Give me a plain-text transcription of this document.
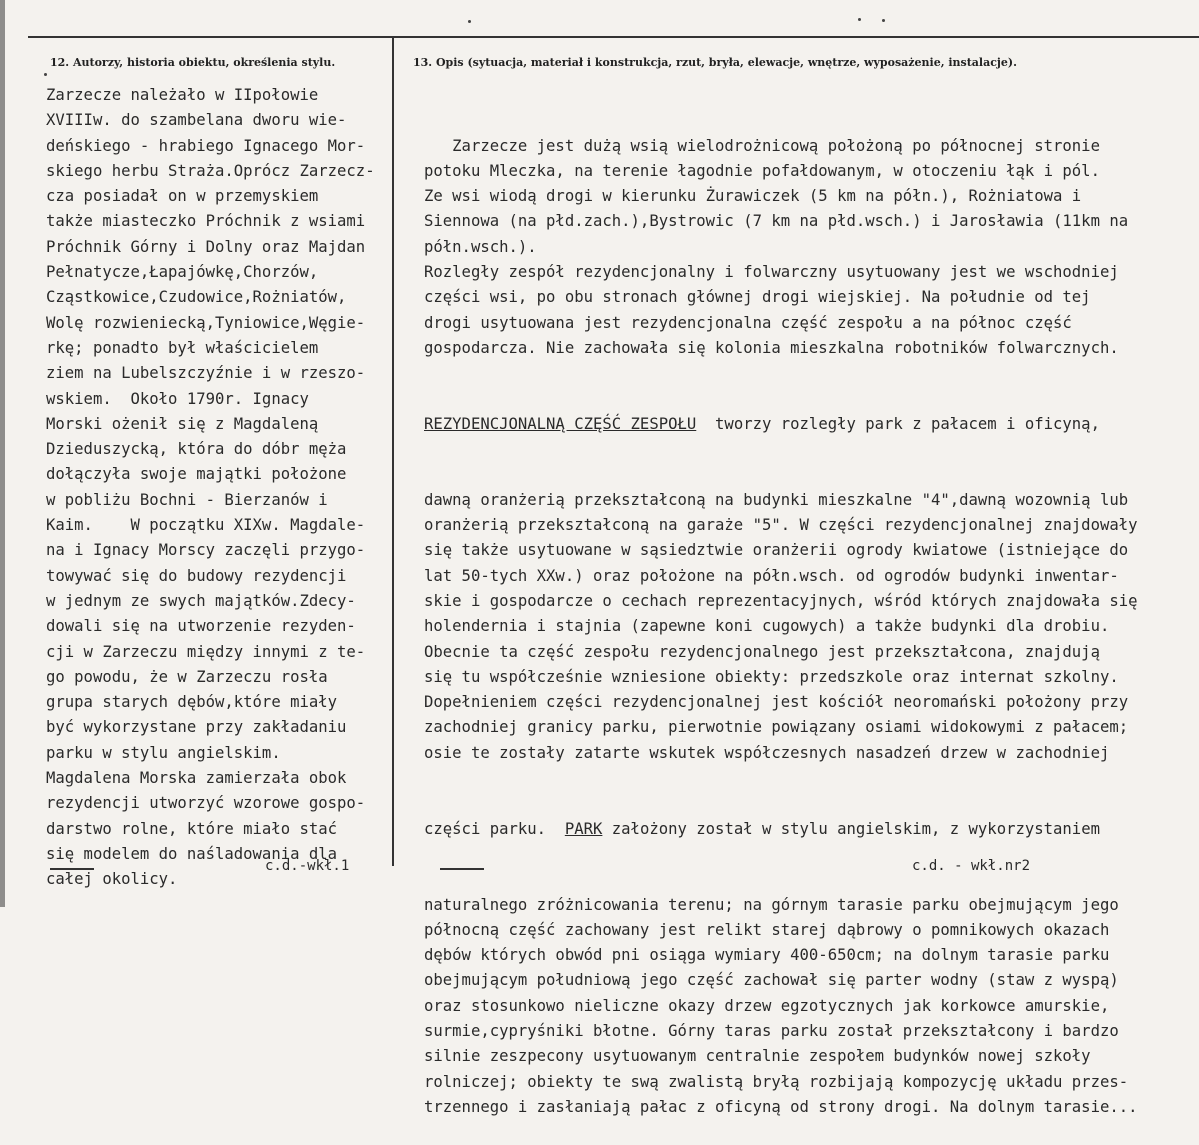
12. Autorzy, historia obiektu, określenia stylu.	13. Opis (sytuacja, materiał i konstrukcja, rzut, bryła, elewacje, wnętrze, wyposażenie, instalacje).
Zarzecze należało w IIpołowie
XVIIIw. do szambelana dworu wie-
deńskiego - hrabiego Ignacego Mor-
skiego herbu Straża.Oprócz Zarzecz-
cza posiadał on w przemyskiem
także miasteczko Próchnik z wsiami
Próchnik Górny i Dolny oraz Majdan
Pełnatycze,Łapajówkę,Chorzów,
Cząstkowice,Czudowice,Rożniatów,
Wolę rozwieniecką,Tyniowice,Węgie-
rkę; ponadto był właścicielem
ziem na Lubelszczyźnie i w rzeszo-
wskiem.  Około 1790r. Ignacy
Morski ożenił się z Magdaleną
Dzieduszycką, która do dóbr męża
dołączyła swoje majątki położone
w pobliżu Bochni - Bierzanów i
Kaim.    W początku XIXw. Magdale-
na i Ignacy Morscy zaczęli przygo-
towywać się do budowy rezydencji
w jednym ze swych majątków.Zdecy-
dowali się na utworzenie rezyden-
cji w Zarzeczu między innymi z te-
go powodu, że w Zarzeczu rosła
grupa starych dębów,które miały
być wykorzystane przy zakładaniu
parku w stylu angielskim.
Magdalena Morska zamierzała obok
rezydencji utworzyć wzorowe gospo-
darstwo rolne, które miało stać
się modelem do naśladowania dla
całej okolicy.

Zarzecze jest dużą wsią wielodrożnicową położoną po północnej stronie
potoku Mleczka, na terenie łagodnie pofałdowanym, w otoczeniu łąk i pól.
Ze wsi wiodą drogi w kierunku Żurawiczek (5 km na półn.), Rożniatowa i
Siennowa (na płd.zach.),Bystrowic (7 km na płd.wsch.) i Jarosławia (11km na
półn.wsch.).
Rozległy zespół rezydencjonalny i folwarczny usytuowany jest we wschodniej
części wsi, po obu stronach głównej drogi wiejskiej. Na południe od tej
drogi usytuowana jest rezydencjonalna część zespołu a na północ część
gospodarcza. Nie zachowała się kolonia mieszkalna robotników folwarcznych.

REZYDENCJONALNĄ CZĘŚĆ ZESPOŁU  tworzy rozległy park z pałacem i oficyną,

dawną oranżerią przekształconą na budynki mieszkalne "4",dawną wozownią lub
oranżerią przekształconą na garaże "5". W części rezydencjonalnej znajdowały
się także usytuowane w sąsiedztwie oranżerii ogrody kwiatowe (istniejące do
lat 50-tych XXw.) oraz położone na półn.wsch. od ogrodów budynki inwentar-
skie i gospodarcze o cechach reprezentacyjnych, wśród których znajdowała się
holendernia i stajnia (zapewne koni cugowych) a także budynki dla drobiu.
Obecnie ta część zespołu rezydencjonalnego jest przekształcona, znajdują
się tu współcześnie wzniesione obiekty: przedszkole oraz internat szkolny.
Dopełnieniem części rezydencjonalnej jest kościół neoromański położony przy
zachodniej granicy parku, pierwotnie powiązany osiami widokowymi z pałacem;
osie te zostały zatarte wskutek współczesnych nasadzeń drzew w zachodniej

części parku.  PARK założony został w stylu angielskim, z wykorzystaniem

naturalnego zróżnicowania terenu; na górnym tarasie parku obejmującym jego
północną część zachowany jest relikt starej dąbrowy o pomnikowych okazach
dębów których obwód pni osiąga wymiary 400-650cm; na dolnym tarasie parku
obejmującym południową jego część zachował się parter wodny (staw z wyspą)
oraz stosunkowo nieliczne okazy drzew egzotycznych jak korkowce amurskie,
surmie,cypryśniki błotne. Górny taras parku został przekształcony i bardzo
silnie zeszpecony usytuowanym centralnie zespołem budynków nowej szkoły
rolniczej; obiekty te swą zwalistą bryłą rozbijają kompozycję układu przes-
trzennego i zasłaniają pałac z oficyną od strony drogi. Na dolnym tarasie...

c.d.-wkł.1	c.d. - wkł.nr2
